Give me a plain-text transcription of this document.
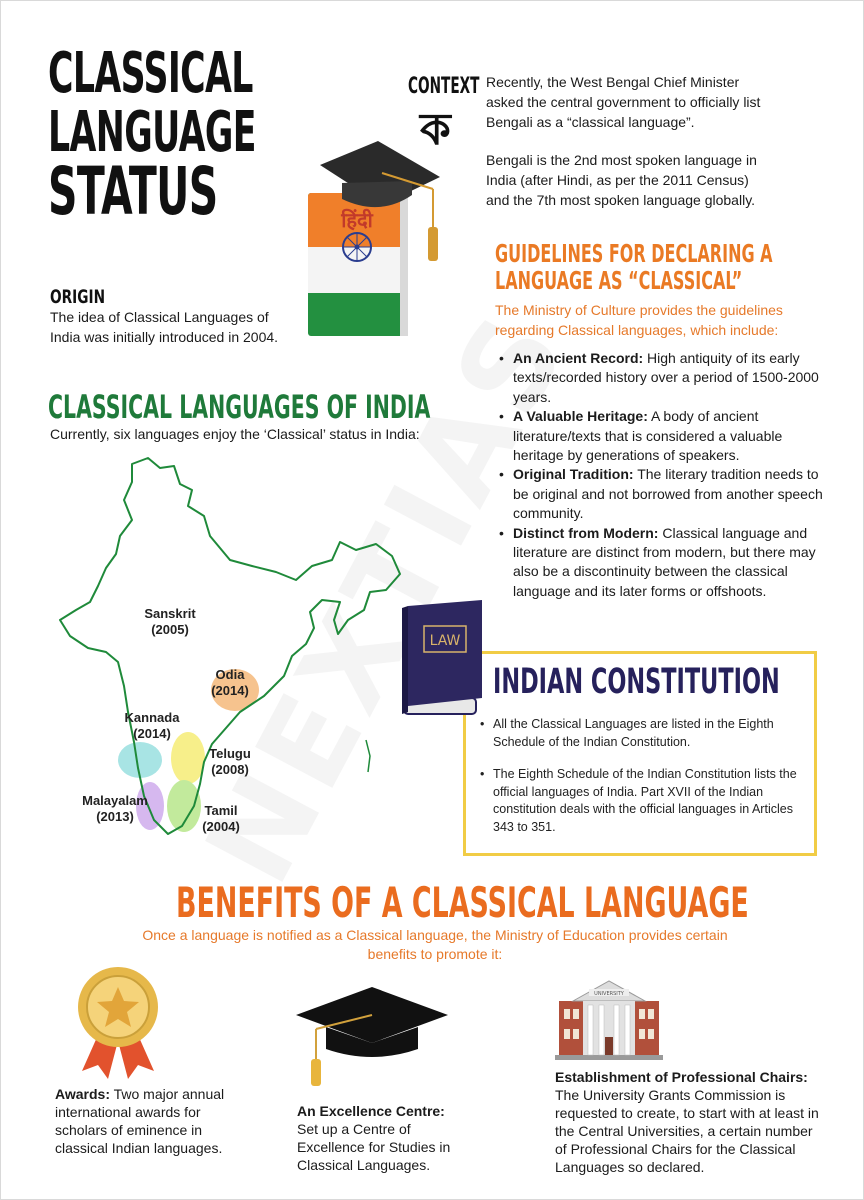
CLASSICAL
LANGUAGE
STATUS
ORIGIN
The idea of Classical Languages of India was initially introduced in 2004.
हिंदी
CONTEXT
ক
Recently, the West Bengal Chief Minister asked the central government to officially list Bengali as a “classical language”.
Bengali is the 2nd most spoken language in India (after Hindi, as per the 2011 Census) and the 7th most spoken language globally.
GUIDELINES FOR DECLARING A
LANGUAGE AS “CLASSICAL”
The Ministry of Culture provides the guidelines regarding Classical languages, which include:
• An Ancient Record: High antiquity of its early texts/recorded history over a period of 1500-2000 years.
• A Valuable Heritage: A body of ancient literature/texts that is considered a valuable heritage by generations of speakers.
• Original Tradition: The literary tradition needs to be original and not borrowed from another speech community.
• Distinct from Modern: Classical language and literature are distinct from modern, but there may also be a discontinuity between the classical language and its later forms or offshoots.
CLASSICAL LANGUAGES OF INDIA
Currently, six languages enjoy the ‘Classical’ status in India:
Sanskrit
(2005)
Odia
(2014)
Kannada
(2014)
Telugu
(2008)
Malayalam
(2013)	Tamil
(2004)
LAW
INDIAN CONSTITUTION
• All the Classical Languages are listed in the Eighth Schedule of the Indian Constitution.
• The Eighth Schedule of the Indian Constitution lists the official languages of India. Part XVII of the Indian constitution deals with the official languages in Articles 343 to 351.
BENEFITS OF A CLASSICAL LANGUAGE
Once a language is notified as a Classical language, the Ministry of Education provides certain benefits to promote it:
UNIVERSITY
Awards: Two major annual international awards for scholars of eminence in classical Indian languages.
An Excellence Centre:
Set up a Centre of Excellence for Studies in Classical Languages.
Establishment of Professional Chairs:
The University Grants Commission is requested to create, to start with at least in the Central Universities, a certain number of Professional Chairs for the Classical Languages so declared.
